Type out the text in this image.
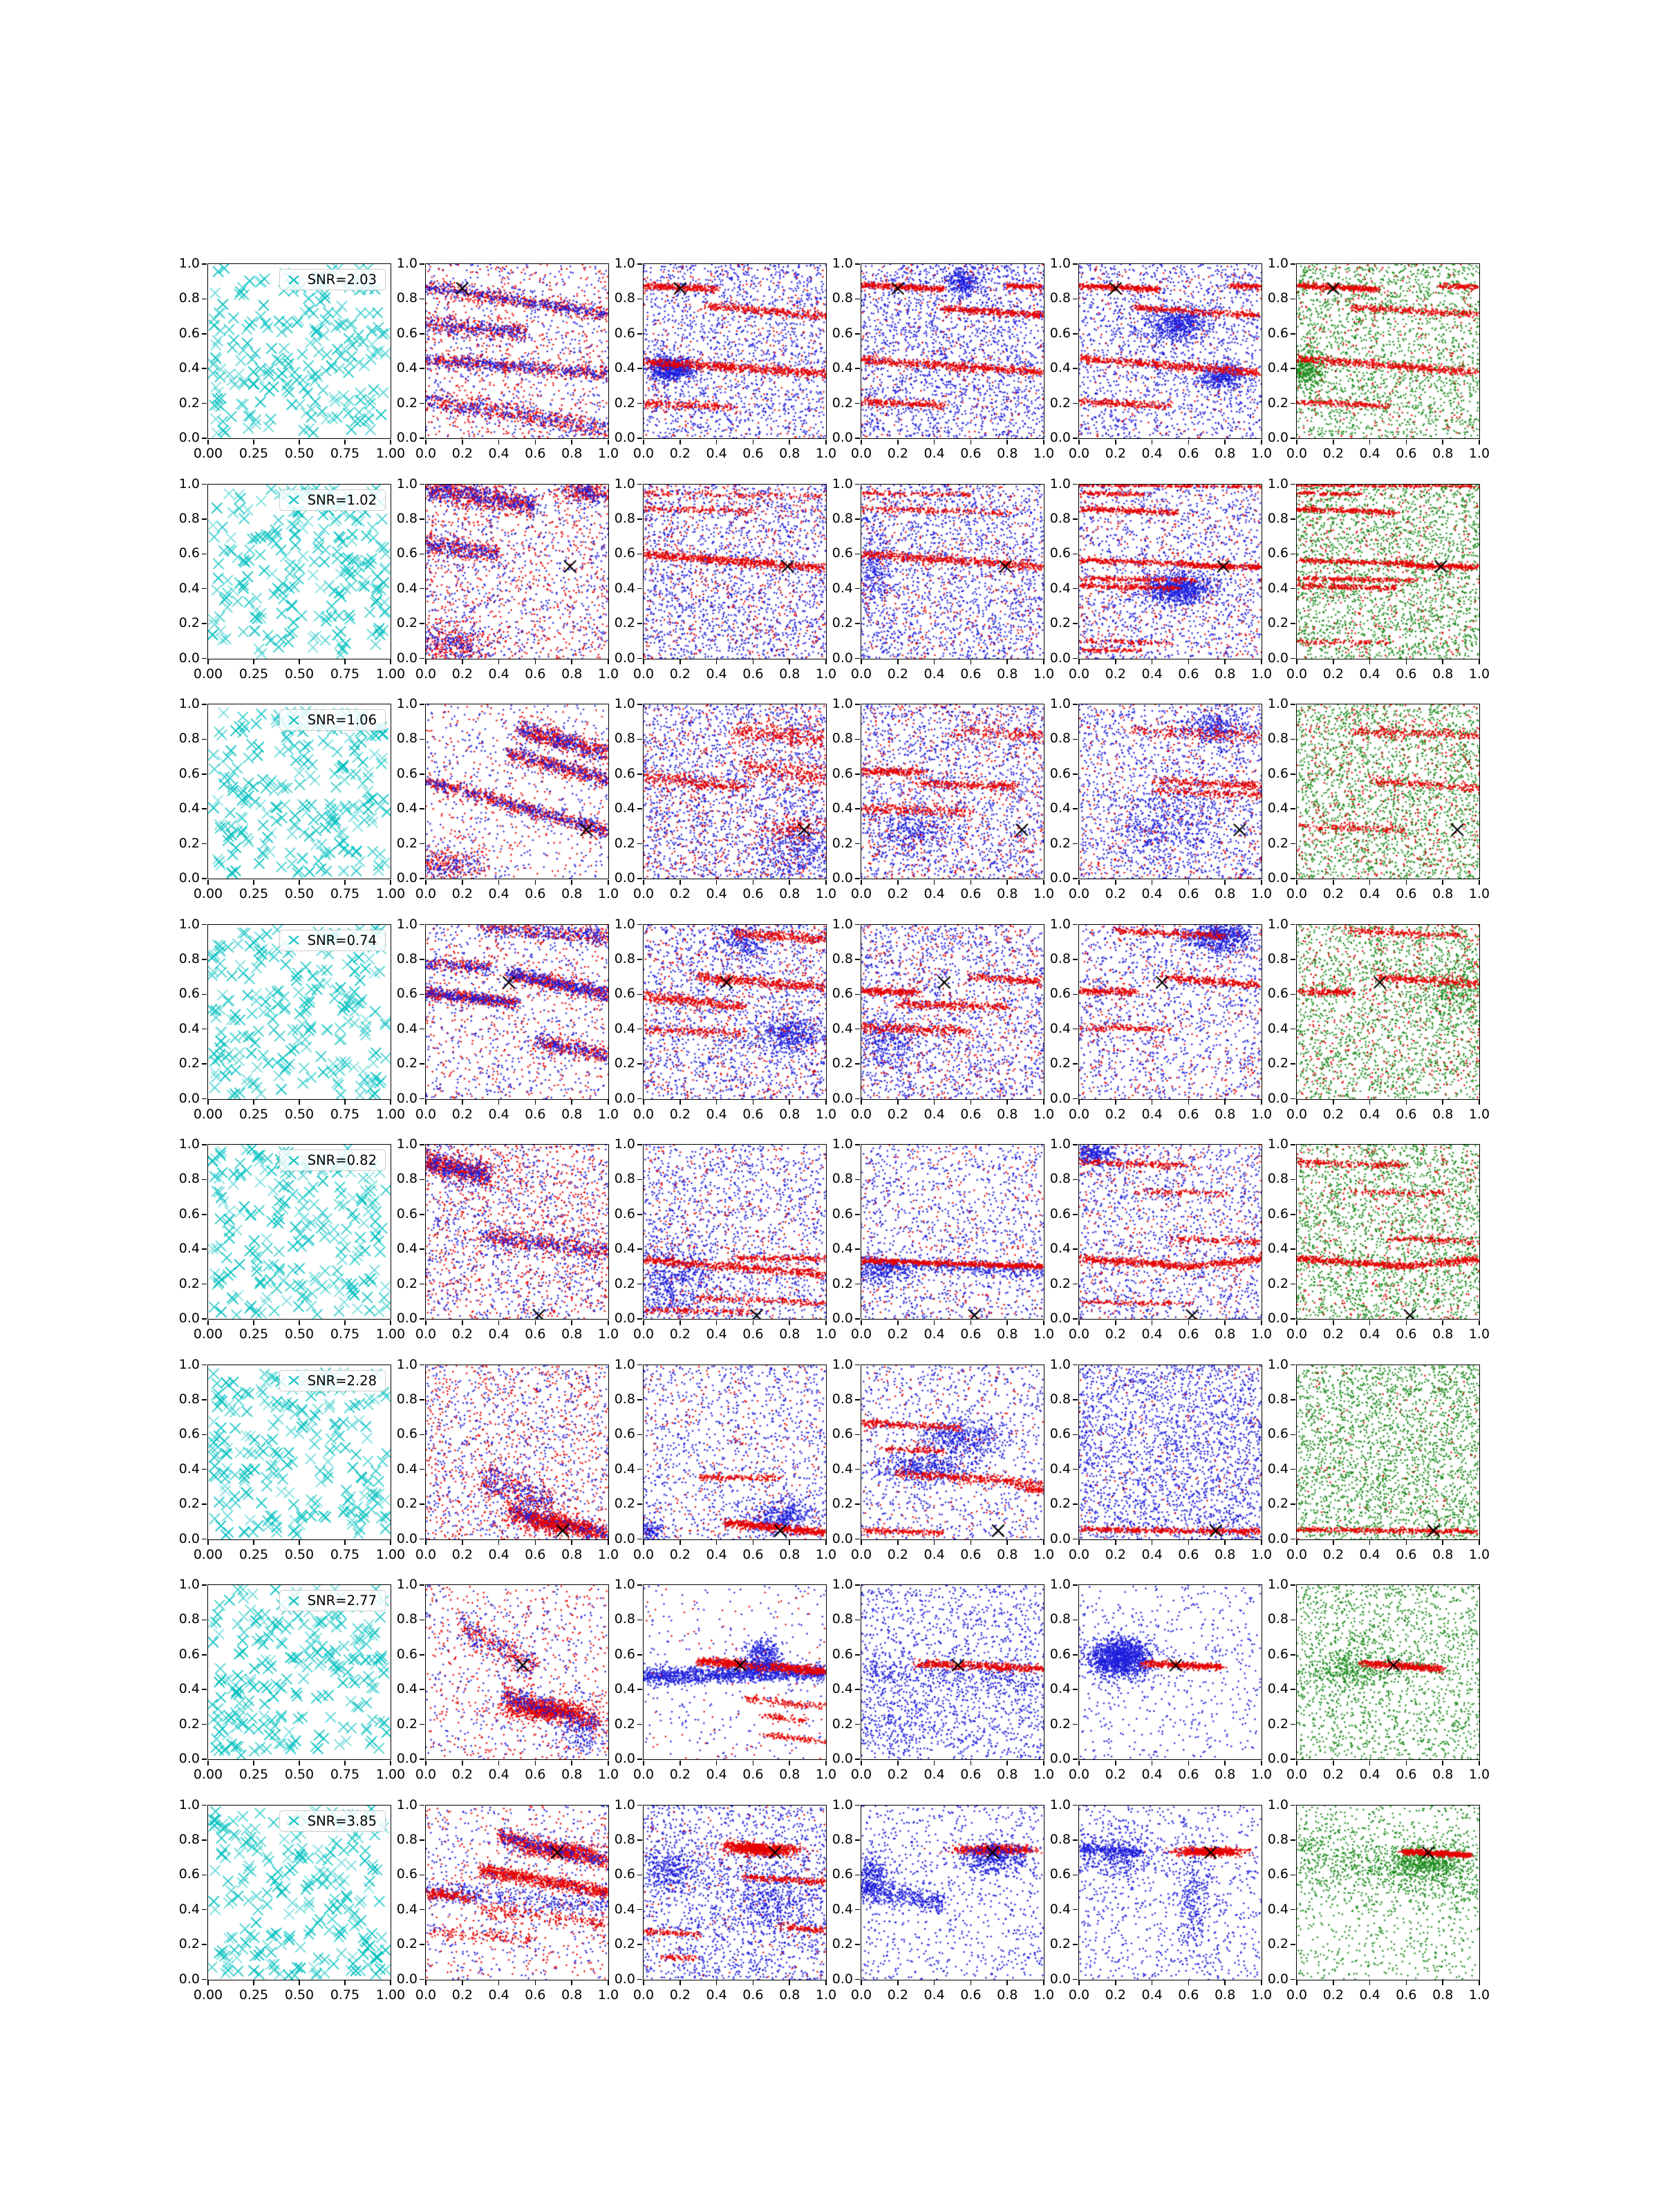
0.00	0.25	0.50	0.75	1.00
0.0
0.2
0.4
0.6
0.8
1.0
SNR=2.03
0.0	0.2	0.4	0.6	0.8	1.0
0.0
0.2
0.4
0.6
0.8
1.0
0.0	0.2	0.4	0.6	0.8	1.0
0.0
0.2
0.4
0.6
0.8
1.0
0.0	0.2	0.4	0.6	0.8	1.0
0.0
0.2
0.4
0.6
0.8
1.0
0.0	0.2	0.4	0.6	0.8	1.0
0.0
0.2
0.4
0.6
0.8
1.0
0.0	0.2	0.4	0.6	0.8	1.0
0.0
0.2
0.4
0.6
0.8
1.0
0.00	0.25	0.50	0.75	1.00
0.0
0.2
0.4
0.6
0.8
1.0
SNR=1.02
0.0	0.2	0.4	0.6	0.8	1.0
0.0
0.2
0.4
0.6
0.8
1.0
0.0	0.2	0.4	0.6	0.8	1.0
0.0
0.2
0.4
0.6
0.8
1.0
0.0	0.2	0.4	0.6	0.8	1.0
0.0
0.2
0.4
0.6
0.8
1.0
0.0	0.2	0.4	0.6	0.8	1.0
0.0
0.2
0.4
0.6
0.8
1.0
0.0	0.2	0.4	0.6	0.8	1.0
0.0
0.2
0.4
0.6
0.8
1.0
0.00	0.25	0.50	0.75	1.00
0.0
0.2
0.4
0.6
0.8
1.0
SNR=1.06
0.0	0.2	0.4	0.6	0.8	1.0
0.0
0.2
0.4
0.6
0.8
1.0
0.0	0.2	0.4	0.6	0.8	1.0
0.0
0.2
0.4
0.6
0.8
1.0
0.0	0.2	0.4	0.6	0.8	1.0
0.0
0.2
0.4
0.6
0.8
1.0
0.0	0.2	0.4	0.6	0.8	1.0
0.0
0.2
0.4
0.6
0.8
1.0
0.0	0.2	0.4	0.6	0.8	1.0
0.0
0.2
0.4
0.6
0.8
1.0
0.00	0.25	0.50	0.75	1.00
0.0
0.2
0.4
0.6
0.8
1.0
SNR=0.74
0.0	0.2	0.4	0.6	0.8	1.0
0.0
0.2
0.4
0.6
0.8
1.0
0.0	0.2	0.4	0.6	0.8	1.0
0.0
0.2
0.4
0.6
0.8
1.0
0.0	0.2	0.4	0.6	0.8	1.0
0.0
0.2
0.4
0.6
0.8
1.0
0.0	0.2	0.4	0.6	0.8	1.0
0.0
0.2
0.4
0.6
0.8
1.0
0.0	0.2	0.4	0.6	0.8	1.0
0.0
0.2
0.4
0.6
0.8
1.0
0.00	0.25	0.50	0.75	1.00
0.0
0.2
0.4
0.6
0.8
1.0
SNR=0.82
0.0	0.2	0.4	0.6	0.8	1.0
0.0
0.2
0.4
0.6
0.8
1.0
0.0	0.2	0.4	0.6	0.8	1.0
0.0
0.2
0.4
0.6
0.8
1.0
0.0	0.2	0.4	0.6	0.8	1.0
0.0
0.2
0.4
0.6
0.8
1.0
0.0	0.2	0.4	0.6	0.8	1.0
0.0
0.2
0.4
0.6
0.8
1.0
0.0	0.2	0.4	0.6	0.8	1.0
0.0
0.2
0.4
0.6
0.8
1.0
0.00	0.25	0.50	0.75	1.00
0.0
0.2
0.4
0.6
0.8
1.0
SNR=2.28
0.0	0.2	0.4	0.6	0.8	1.0
0.0
0.2
0.4
0.6
0.8
1.0
0.0	0.2	0.4	0.6	0.8	1.0
0.0
0.2
0.4
0.6
0.8
1.0
0.0	0.2	0.4	0.6	0.8	1.0
0.0
0.2
0.4
0.6
0.8
1.0
0.0	0.2	0.4	0.6	0.8	1.0
0.0
0.2
0.4
0.6
0.8
1.0
0.0	0.2	0.4	0.6	0.8	1.0
0.0
0.2
0.4
0.6
0.8
1.0
0.00	0.25	0.50	0.75	1.00
0.0
0.2
0.4
0.6
0.8
1.0
SNR=2.77
0.0	0.2	0.4	0.6	0.8	1.0
0.0
0.2
0.4
0.6
0.8
1.0
0.0	0.2	0.4	0.6	0.8	1.0
0.0
0.2
0.4
0.6
0.8
1.0
0.0	0.2	0.4	0.6	0.8	1.0
0.0
0.2
0.4
0.6
0.8
1.0
0.0	0.2	0.4	0.6	0.8	1.0
0.0
0.2
0.4
0.6
0.8
1.0
0.0	0.2	0.4	0.6	0.8	1.0
0.0
0.2
0.4
0.6
0.8
1.0
0.00	0.25	0.50	0.75	1.00
0.0
0.2
0.4
0.6
0.8
1.0
SNR=3.85
0.0	0.2	0.4	0.6	0.8	1.0
0.0
0.2
0.4
0.6
0.8
1.0
0.0	0.2	0.4	0.6	0.8	1.0
0.0
0.2
0.4
0.6
0.8
1.0
0.0	0.2	0.4	0.6	0.8	1.0
0.0
0.2
0.4
0.6
0.8
1.0
0.0	0.2	0.4	0.6	0.8	1.0
0.0
0.2
0.4
0.6
0.8
1.0
0.0	0.2	0.4	0.6	0.8	1.0
0.0
0.2
0.4
0.6
0.8
1.0
